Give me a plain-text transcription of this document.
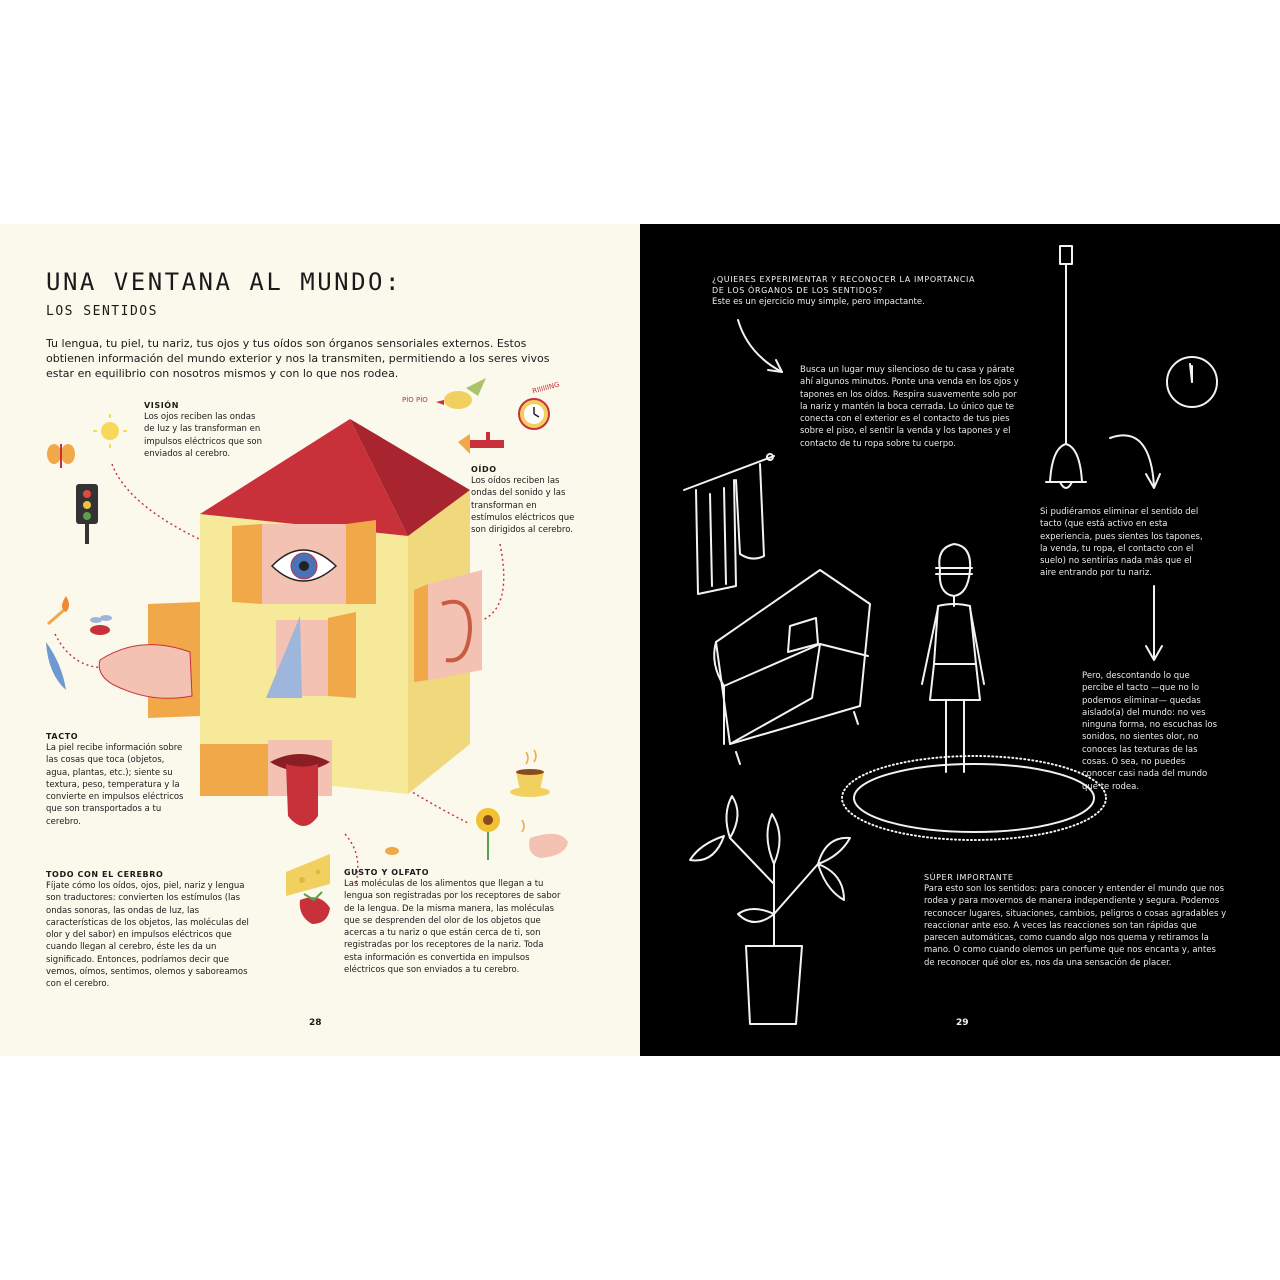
UNA VENTANA AL MUNDO:
LOS SENTIDOS
Tu lengua, tu piel, tu nariz, tus ojos y tus oídos son órganos sensoriales externos. Estos obtienen información del mundo exterior y nos la transmiten, permitiendo a los seres vivos estar en equilibrio con nosotros mismos y con lo que nos rodea.
PÍO PÍO
RIIIIIING
VISIÓN
Los ojos reciben las ondas de luz y las transforman en impulsos eléctricos que son enviados al cerebro.
OÍDO
Los oídos reciben las ondas del sonido y las transforman en estímulos eléctricos que son dirigidos al cerebro.
TACTO
La piel recibe información sobre las cosas que toca (objetos, agua, plantas, etc.); siente su textura, peso, temperatura y la convierte en impulsos eléctricos que son transportados a tu cerebro.
TODO CON EL CEREBRO
Fíjate cómo los oídos, ojos, piel, nariz y lengua son traductores: convierten los estímulos (las ondas sonoras, las ondas de luz, las características de los objetos, las moléculas del olor y del sabor) en impulsos eléctricos que cuando llegan al cerebro, éste les da un significado. Entonces, podríamos decir que vemos, oímos, sentimos, olemos y saboreamos con el cerebro.
GUSTO Y OLFATO
Las moléculas de los alimentos que llegan a tu lengua son registradas por los receptores de sabor de la lengua. De la misma manera, las moléculas que se desprenden del olor de los objetos que acercas a tu nariz o que están cerca de ti, son registradas por los receptores de la nariz. Toda esta información es convertida en impulsos eléctricos que son enviados a tu cerebro.
28
¿QUIERES EXPERIMENTAR Y RECONOCER LA IMPORTANCIA DE LOS ÓRGANOS DE LOS SENTIDOS?
Este es un ejercicio muy simple, pero impactante.
Busca un lugar muy silencioso de tu casa y párate ahí algunos minutos. Ponte una venda en los ojos y tapones en los oídos. Respira suavemente solo por la nariz y mantén la boca cerrada. Lo único que te conecta con el exterior es el contacto de tus pies sobre el piso, el sentir la venda y los tapones y el contacto de tu ropa sobre tu cuerpo.
Si pudiéramos eliminar el sentido del tacto (que está activo en esta experiencia, pues sientes los tapones, la venda, tu ropa, el contacto con el suelo) no sentirías nada más que el aire entrando por tu nariz.
Pero, descontando lo que percibe el tacto —que no lo podemos eliminar— quedas aislado(a) del mundo: no ves ninguna forma, no escuchas los sonidos, no sientes olor, no conoces las texturas de las cosas. O sea, no puedes conocer casi nada del mundo que te rodea.
SÚPER IMPORTANTE
Para esto son los sentidos: para conocer y entender el mundo que nos rodea y para movernos de manera independiente y segura. Podemos reconocer lugares, situaciones, cambios, peligros o cosas agradables y reaccionar ante eso. A veces las reacciones son tan rápidas que parecen automáticas, como cuando algo nos quema y retiramos la mano. O como cuando olemos un perfume que nos encanta y, antes de reconocer qué olor es, nos da una sensación de placer.
29
